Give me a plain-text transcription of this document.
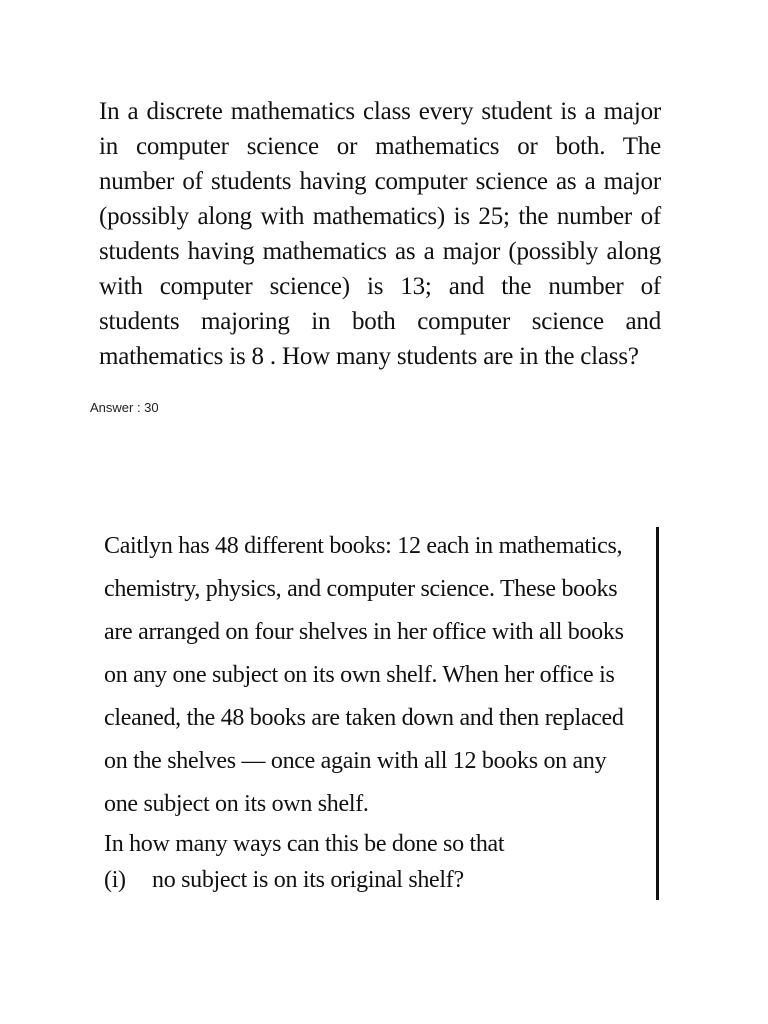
In a discrete mathematics class every student is a major
in computer science or mathematics or both. The
number of students having computer science as a major
(possibly along with mathematics) is 25; the number of
students having mathematics as a major (possibly along
with computer science) is 13; and the number of
students majoring in both computer science and
mathematics is 8 . How many students are in the class?
Answer : 30
Caitlyn has 48 different books: 12 each in mathematics,
chemistry, physics, and computer science. These books
are arranged on four shelves in her office with all books
on any one subject on its own shelf. When her office is
cleaned, the 48 books are taken down and then replaced
on the shelves — once again with all 12 books on any
one subject on its own shelf.
In how many ways can this be done so that
(i) no subject is on its original shelf?
